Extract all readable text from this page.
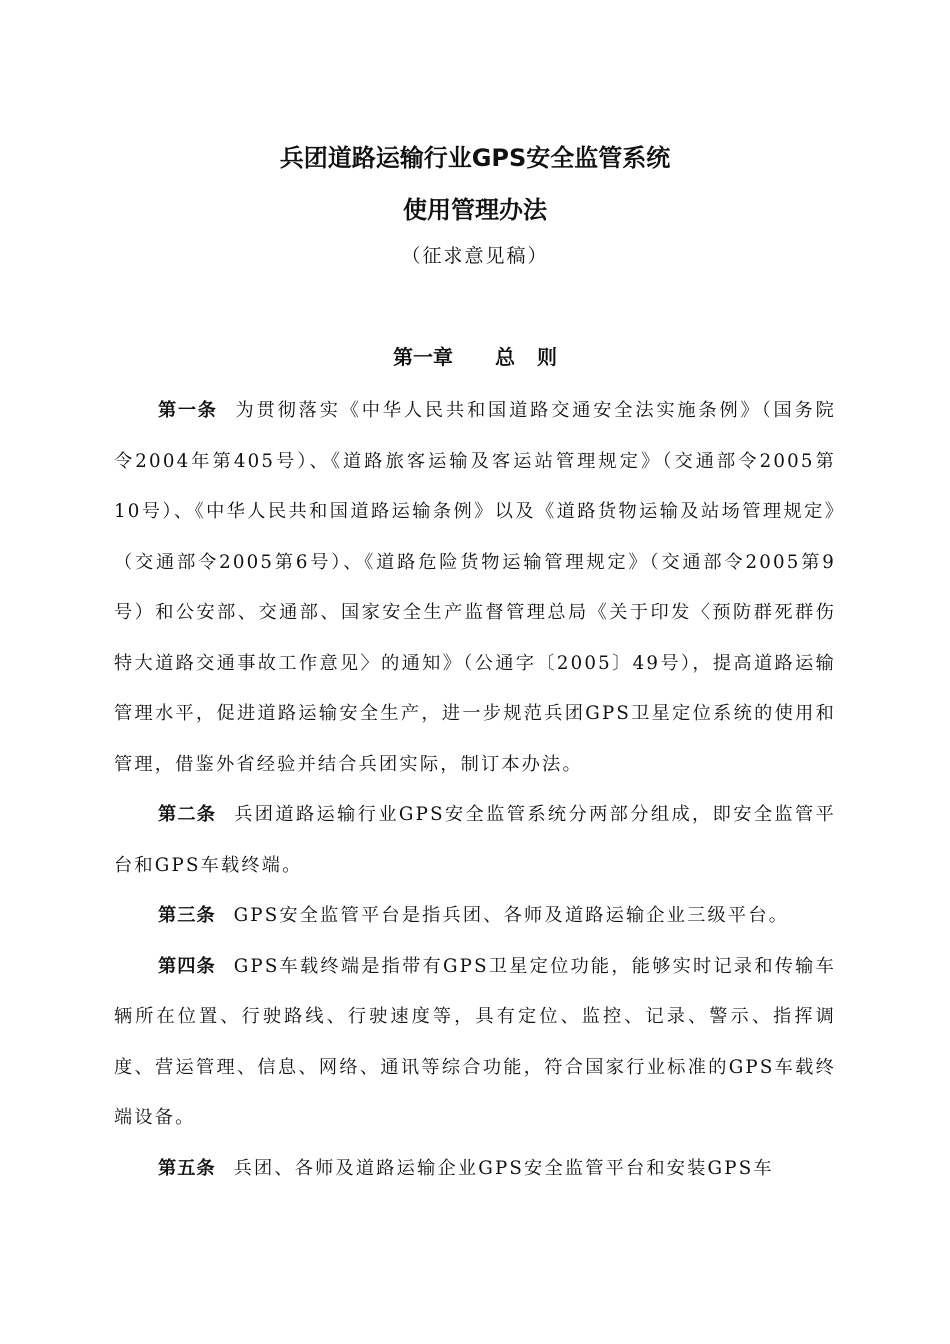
兵团道路运输行业GPS安全监管系统
使用管理办法
（征求意见稿）
第一章 总 则

第一条 为贯彻落实《中华人民共和国道路交通安全法实施条例》（国务院令2004年第405号）、《道路旅客运输及客运站管理规定》（交通部令2005第10号）、《中华人民共和国道路运输条例》以及《道路货物运输及站场管理规定》（交通部令2005第6号）、《道路危险货物运输管理规定》（交通部令2005第9号）和公安部、交通部、国家安全生产监督管理总局《关于印发〈预防群死群伤特大道路交通事故工作意见〉的通知》（公通字〔2005〕49号），提高道路运输管理水平，促进道路运输安全生产，进一步规范兵团GPS卫星定位系统的使用和管理，借鉴外省经验并结合兵团实际，制订本办法。

第二条 兵团道路运输行业GPS安全监管系统分两部分组成，即安全监管平台和GPS车载终端。

第三条 GPS安全监管平台是指兵团、各师及道路运输企业三级平台。

第四条 GPS车载终端是指带有GPS卫星定位功能，能够实时记录和传输车辆所在位置、行驶路线、行驶速度等，具有定位、监控、记录、警示、指挥调度、营运管理、信息、网络、通讯等综合功能，符合国家行业标准的GPS车载终端设备。

第五条 兵团、各师及道路运输企业GPS安全监管平台和安装GPS车
